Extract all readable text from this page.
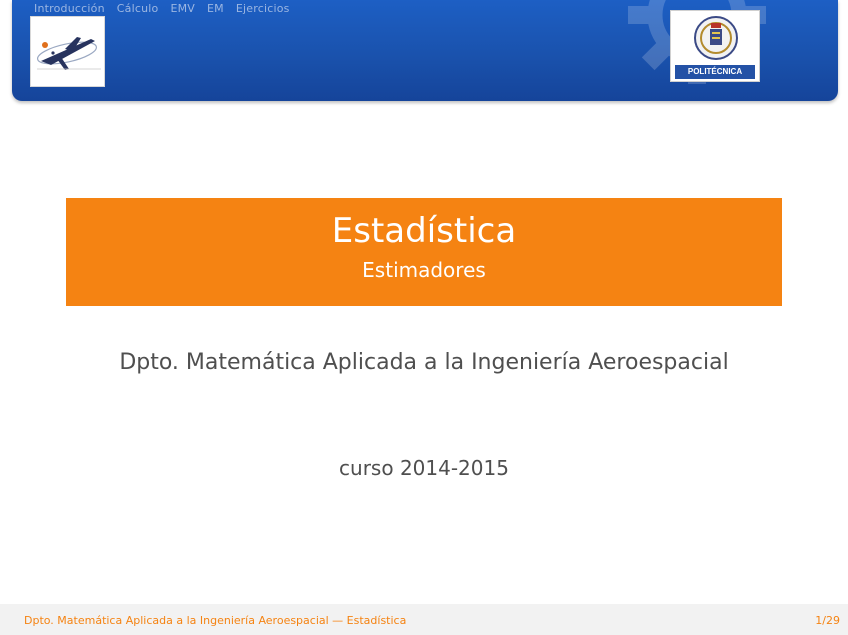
Introducción Cálculo EMV EM Ejercicios
POLITÉCNICA
Estadística
Estimadores
Dpto. Matemática Aplicada a la Ingeniería Aeroespacial
curso 2014-2015
Dpto. Matemática Aplicada a la Ingeniería Aeroespacial — Estadística	1/29
